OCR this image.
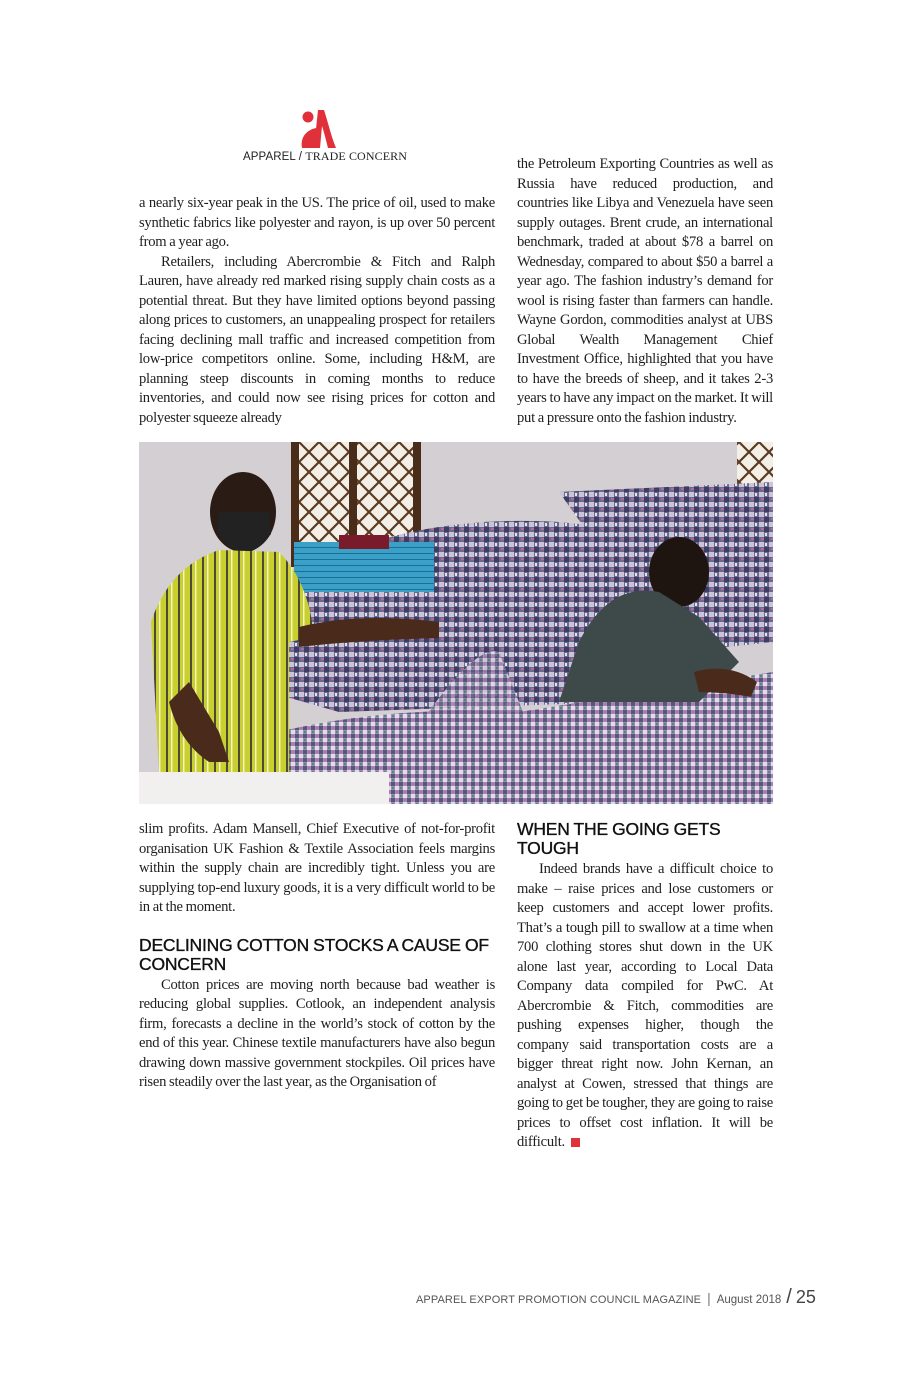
APPAREL / TRADE CONCERN

a nearly six-year peak in the US. The price of oil, used to make synthetic fabrics like polyester and rayon, is up over 50 percent from a year ago.

Retailers, including Abercrombie & Fitch and Ralph Lauren, have already red marked rising supply chain costs as a potential threat. But they have limited options beyond passing along prices to customers, an unappealing prospect for retailers facing declining mall traffic and increased competition from low-price competitors online. Some, including H&M, are planning steep discounts in coming months to reduce inventories, and could now see rising prices for cotton and polyester squeeze already

the Petroleum Exporting Countries as well as Russia have reduced production, and countries like Libya and Venezuela have seen supply outages. Brent crude, an international benchmark, traded at about $78 a barrel on Wednesday, compared to about $50 a barrel a year ago. The fashion industry’s demand for wool is rising faster than farmers can handle. Wayne Gordon, commodities analyst at UBS Global Wealth Management Chief Investment Office, highlighted that you have to have the breeds of sheep, and it takes 2-3 years to have any impact on the market. It will put a pressure onto the fashion industry.

slim profits. Adam Mansell, Chief Executive of not-for-profit organisation UK Fashion & Textile Association feels margins within the supply chain are incredibly tight. Unless you are supplying top-end luxury goods, it is a very difficult world to be in at the moment.

DECLINING COTTON STOCKS A CAUSE OF CONCERN

Cotton prices are moving north because bad weather is reducing global supplies. Cotlook, an independent analysis firm, forecasts a decline in the world’s stock of cotton by the end of this year. Chinese textile manufacturers have also begun drawing down massive government stockpiles. Oil prices have risen steadily over the last year, as the Organisation of

WHEN THE GOING GETS TOUGH

Indeed brands have a difficult choice to make – raise prices and lose customers or keep customers and accept lower profits. That’s a tough pill to swallow at a time when 700 clothing stores shut down in the UK alone last year, according to Local Data Company data compiled for PwC. At Abercrombie & Fitch, commodities are pushing expenses higher, though the company said transportation costs are a bigger threat right now. John Kernan, an analyst at Cowen, stressed that things are going to get be tougher, they are going to raise prices to offset cost inflation. It will be difficult.

APPAREL EXPORT PROMOTION COUNCIL MAGAZINE | August 2018 / 25
